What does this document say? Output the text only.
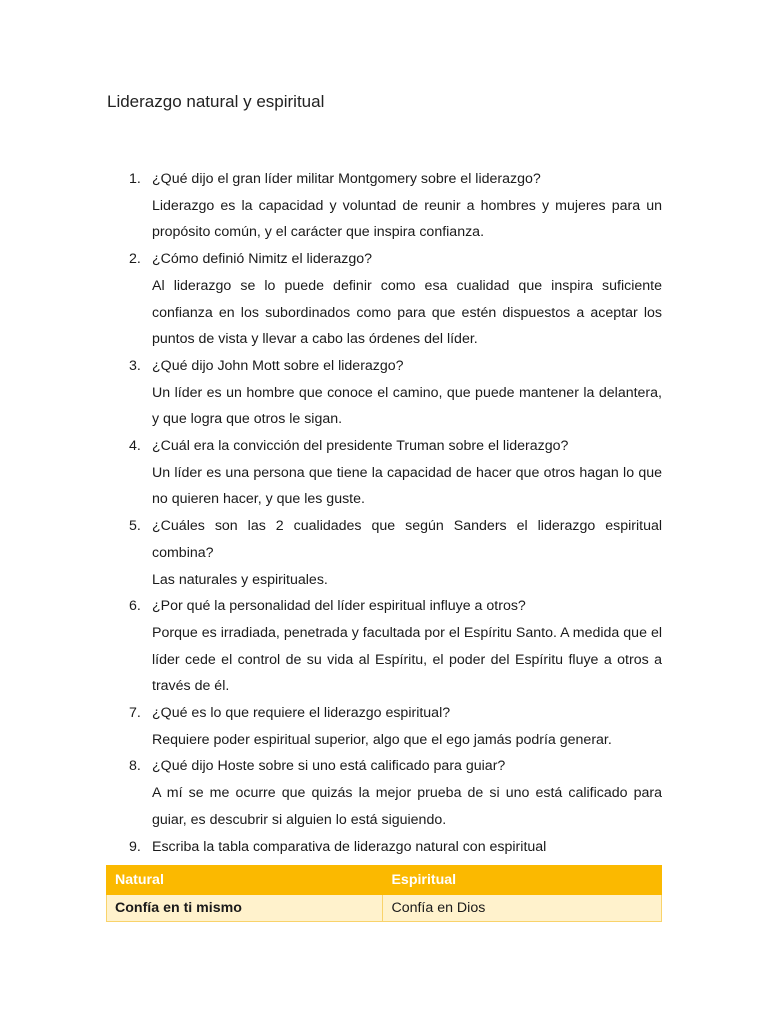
Liderazgo natural y espiritual
1. ¿Qué dijo el gran líder militar Montgomery sobre el liderazgo?
Liderazgo es la capacidad y voluntad de reunir a hombres y mujeres para un propósito común, y el carácter que inspira confianza.
2. ¿Cómo definió Nimitz el liderazgo?
Al liderazgo se lo puede definir como esa cualidad que inspira suficiente confianza en los subordinados como para que estén dispuestos a aceptar los puntos de vista y llevar a cabo las órdenes del líder.
3. ¿Qué dijo John Mott sobre el liderazgo?
Un líder es un hombre que conoce el camino, que puede mantener la delantera, y que logra que otros le sigan.
4. ¿Cuál era la convicción del presidente Truman sobre el liderazgo?
Un líder es una persona que tiene la capacidad de hacer que otros hagan lo que no quieren hacer, y que les guste.
5. ¿Cuáles son las 2 cualidades que según Sanders el liderazgo espiritual combina?
Las naturales y espirituales.
6. ¿Por qué la personalidad del líder espiritual influye a otros?
Porque es irradiada, penetrada y facultada por el Espíritu Santo. A medida que el líder cede el control de su vida al Espíritu, el poder del Espíritu fluye a otros a través de él.
7. ¿Qué es lo que requiere el liderazgo espiritual?
Requiere poder espiritual superior, algo que el ego jamás podría generar.
8. ¿Qué dijo Hoste sobre si uno está calificado para guiar?
A mí se me ocurre que quizás la mejor prueba de si uno está calificado para guiar, es descubrir si alguien lo está siguiendo.
9. Escriba la tabla comparativa de liderazgo natural con espiritual
Natural	Espiritual
Confía en ti mismo	Confía en Dios
